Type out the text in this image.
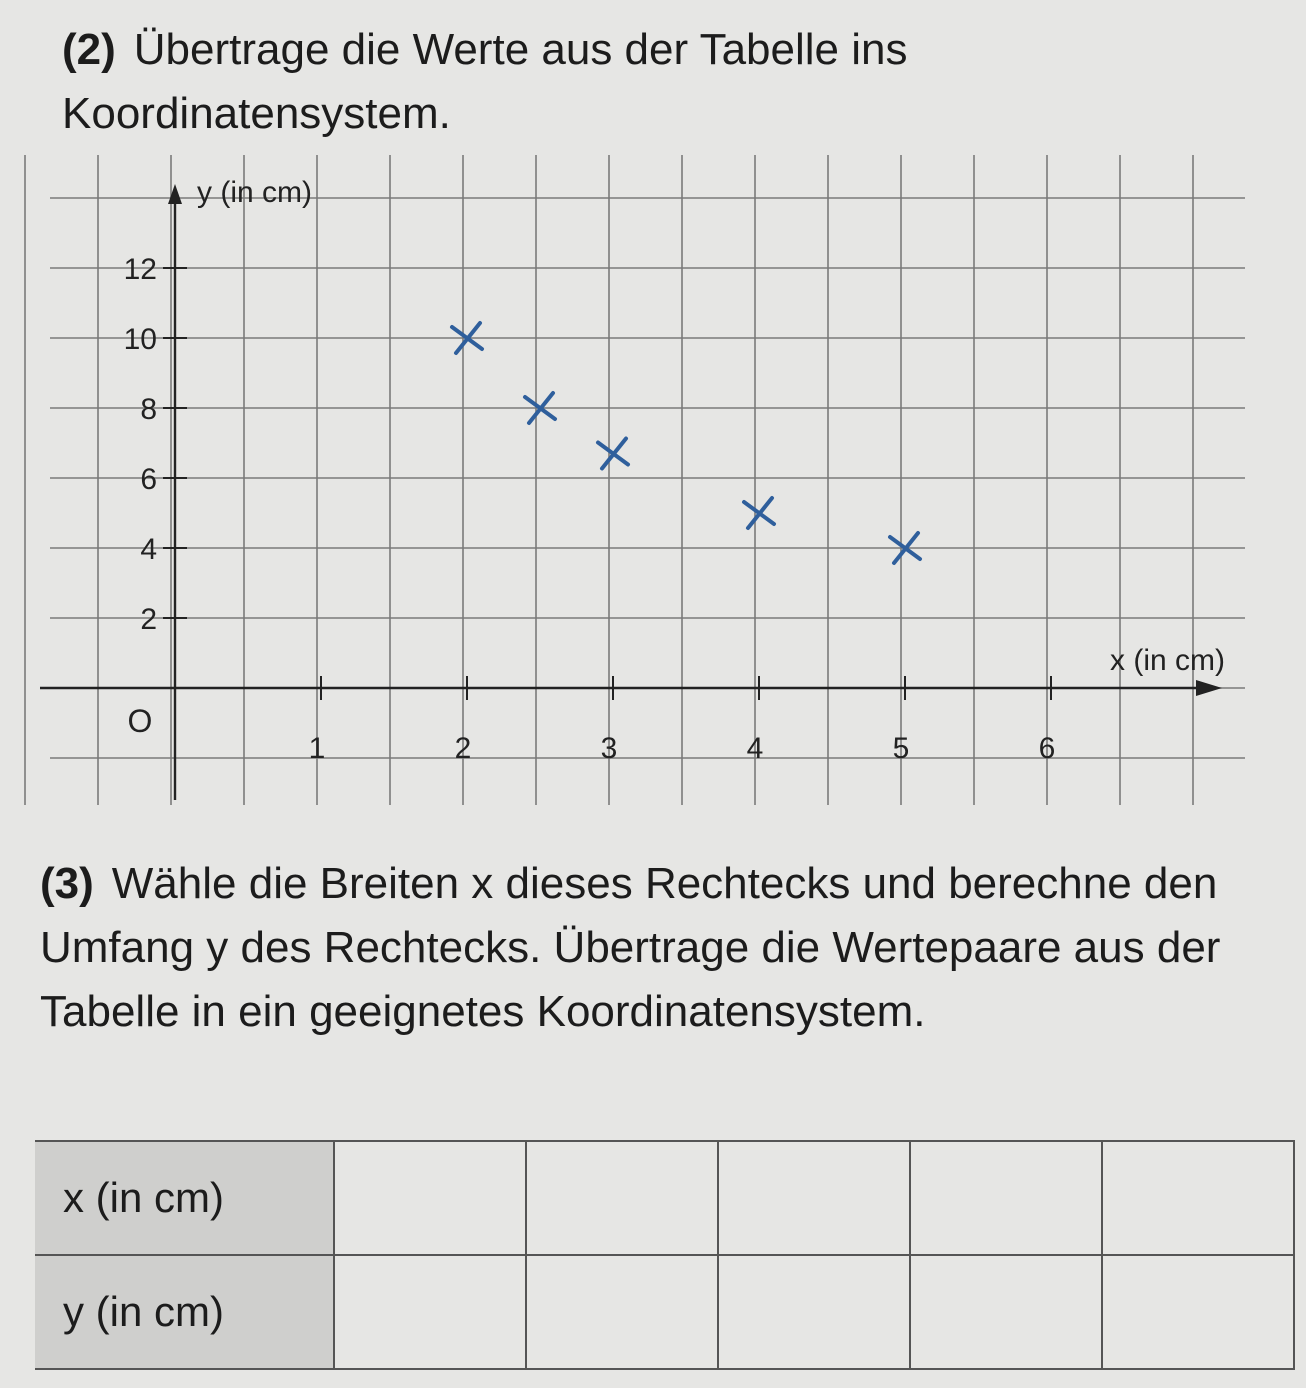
(2) Übertrage die Werte aus der Tabelle ins Koordinatensystem.

y (in cm)
x (in cm)
O
1	2	3	4	5	6
2
4
6
8
10
12

(3) Wähle die Breiten x dieses Rechtecks und berechne den Umfang y des Rechtecks. Übertrage die Wertepaare aus der Tabelle in ein geeignetes Koordinatensystem.

x (in cm)					
y (in cm)					
